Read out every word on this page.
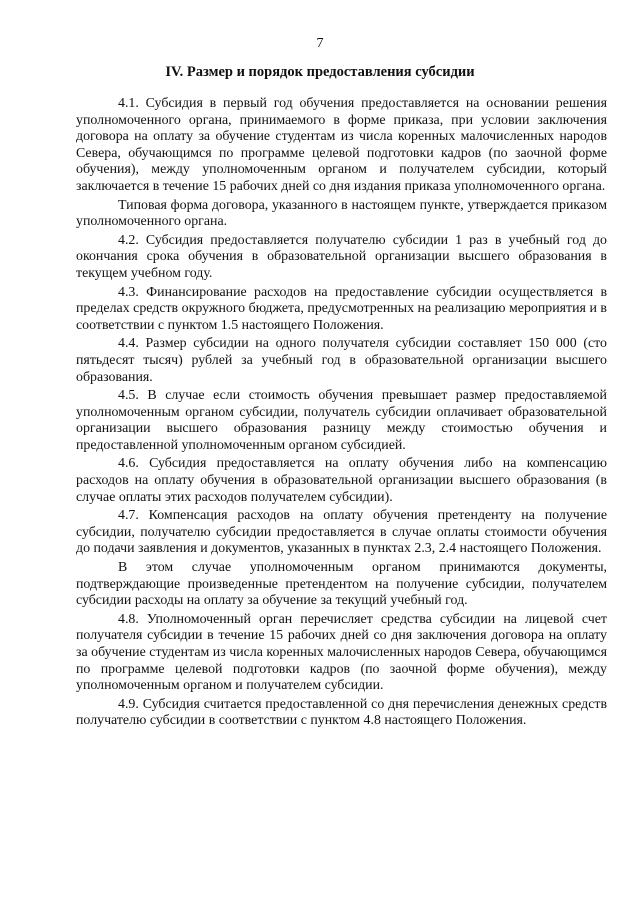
7
IV. Размер и порядок предоставления субсидии

4.1. Субсидия в первый год обучения предоставляется на основании решения уполномоченного органа, принимаемого в форме приказа, при условии заключения договора на оплату за обучение студентам из числа коренных малочисленных народов Севера, обучающимся по программе целевой подготовки кадров (по заочной форме обучения), между уполномоченным органом и получателем субсидии, который заключается в течение 15 рабочих дней со дня издания приказа уполномоченного органа.

Типовая форма договора, указанного в настоящем пункте, утверждается приказом уполномоченного органа.

4.2. Субсидия предоставляется получателю субсидии 1 раз в учебный год до окончания срока обучения в образовательной организации высшего образования в текущем учебном году.

4.3. Финансирование расходов на предоставление субсидии осуществляется в пределах средств окружного бюджета, предусмотренных на реализацию мероприятия и в соответствии с пунктом 1.5 настоящего Положения.

4.4. Размер субсидии на одного получателя субсидии составляет 150 000 (сто пятьдесят тысяч) рублей за учебный год в образовательной организации высшего образования.

4.5. В случае если стоимость обучения превышает размер предоставляемой уполномоченным органом субсидии, получатель субсидии оплачивает образовательной организации высшего образования разницу между стоимостью обучения и предоставленной уполномоченным органом субсидией.

4.6. Субсидия предоставляется на оплату обучения либо на компенсацию расходов на оплату обучения в образовательной организации высшего образования (в случае оплаты этих расходов получателем субсидии).

4.7. Компенсация расходов на оплату обучения претенденту на получение субсидии, получателю субсидии предоставляется в случае оплаты стоимости обучения до подачи заявления и документов, указанных в пунктах 2.3, 2.4 настоящего Положения.

В этом случае уполномоченным органом принимаются документы, подтверждающие произведенные претендентом на получение субсидии, получателем субсидии расходы на оплату за обучение за текущий учебный год.

4.8. Уполномоченный орган перечисляет средства субсидии на лицевой счет получателя субсидии в течение 15 рабочих дней со дня заключения договора на оплату за обучение студентам из числа коренных малочисленных народов Севера, обучающимся по программе целевой подготовки кадров (по заочной форме обучения), между уполномоченным органом и получателем субсидии.

4.9. Субсидия считается предоставленной со дня перечисления денежных средств получателю субсидии в соответствии с пунктом 4.8 настоящего Положения.
